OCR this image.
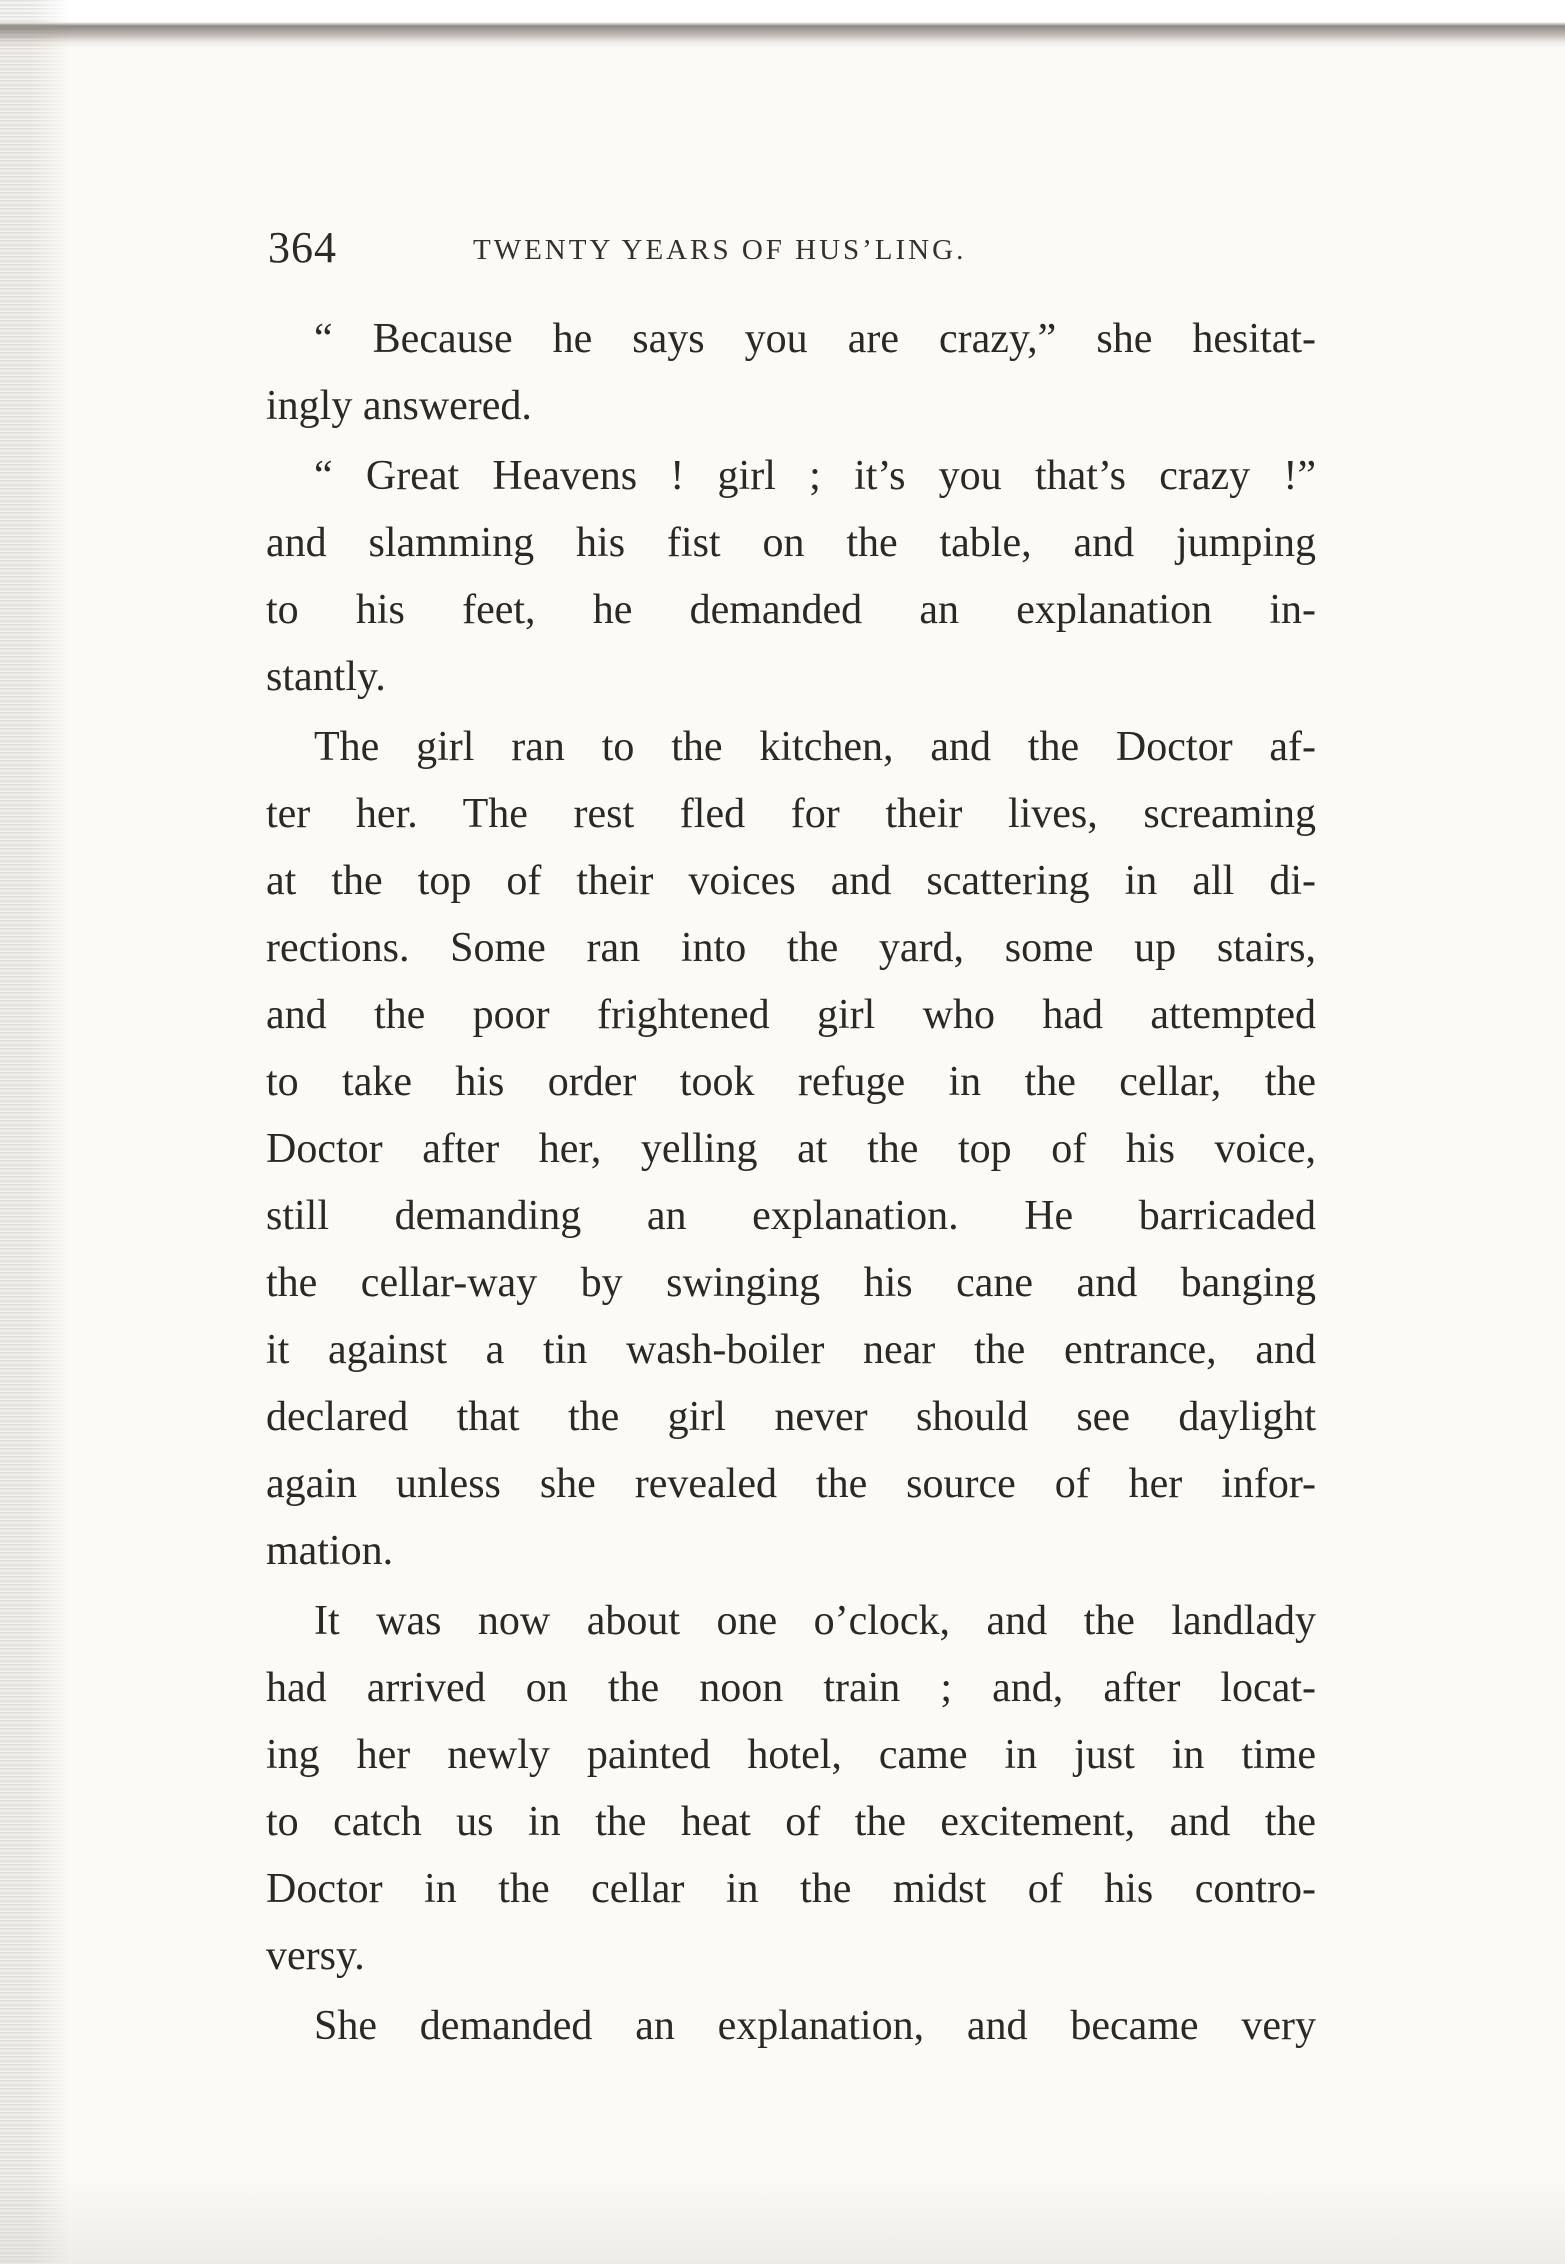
364	TWENTY YEARS OF HUS’LING.
“ Because he says you are crazy,” she hesitat-
ingly answered.
“ Great Heavens ! girl ; it’s you that’s crazy !”
and slamming his fist on the table, and jumping
to his feet, he demanded an explanation in-
stantly.
The girl ran to the kitchen, and the Doctor af-
ter her. The rest fled for their lives, screaming
at the top of their voices and scattering in all di-
rections. Some ran into the yard, some up stairs,
and the poor frightened girl who had attempted
to take his order took refuge in the cellar, the
Doctor after her, yelling at the top of his voice,
still demanding an explanation. He barricaded
the cellar-way by swinging his cane and banging
it against a tin wash-boiler near the entrance, and
declared that the girl never should see daylight
again unless she revealed the source of her infor-
mation.
It was now about one o’clock, and the landlady
had arrived on the noon train ; and, after locat-
ing her newly painted hotel, came in just in time
to catch us in the heat of the excitement, and the
Doctor in the cellar in the midst of his contro-
versy.
She demanded an explanation, and became very
